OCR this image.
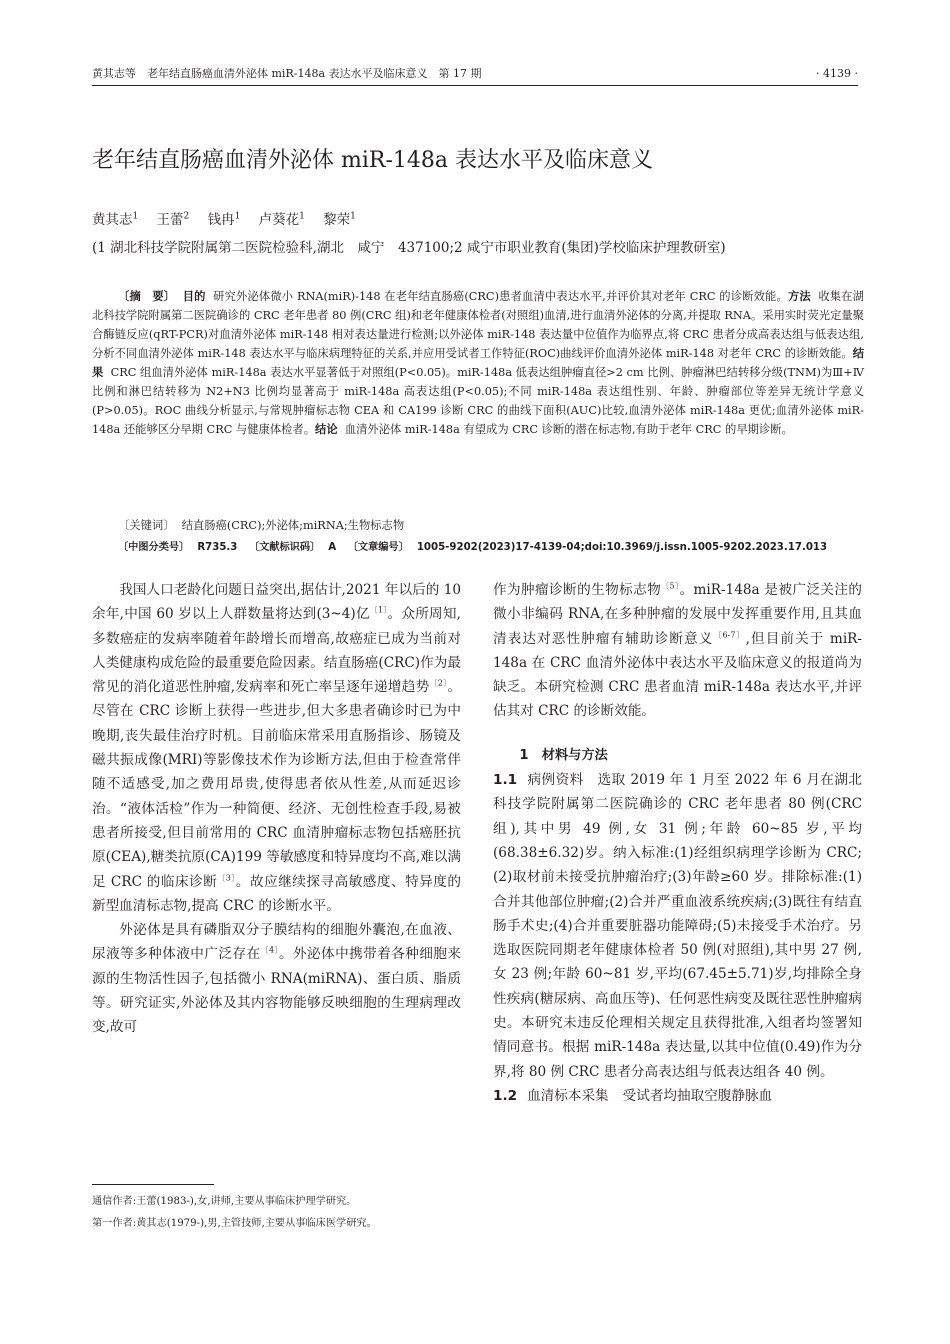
黄其志等　老年结直肠癌血清外泌体 miR-148a 表达水平及临床意义　第 17 期	· 4139 ·
老年结直肠癌血清外泌体 miR-148a 表达水平及临床意义
黄其志$^1$ 王蕾$^2$ 钱冉$^1$ 卢葵花$^1$ 黎荣$^1$
(1 湖北科技学院附属第二医院检验科,湖北　咸宁　437100;2 咸宁市职业教育(集团)学校临床护理教研室)
〔摘　要〕 目的 研究外泌体微小 RNA(miR)-148 在老年结直肠癌(CRC)患者血清中表达水平,并评价其对老年 CRC 的诊断效能。方法 收集在湖北科技学院附属第二医院确诊的 CRC 老年患者 80 例(CRC 组)和老年健康体检者(对照组)血清,进行血清外泌体的分离,并提取 RNA。采用实时荧光定量聚合酶链反应(qRT-PCR)对血清外泌体 miR-148 相对表达量进行检测;以外泌体 miR-148 表达量中位值作为临界点,将 CRC 患者分成高表达组与低表达组,分析不同血清外泌体 miR-148 表达水平与临床病理特征的关系,并应用受试者工作特征(ROC)曲线评价血清外泌体 miR-148 对老年 CRC 的诊断效能。结果 CRC 组血清外泌体 miR-148a 表达水平显著低于对照组(P<0.05)。miR-148a 低表达组肿瘤直径>2 cm 比例、肿瘤淋巴结转移分级(TNM)为Ⅲ+Ⅳ比例和淋巴结转移为 N2+N3 比例均显著高于 miR-148a 高表达组(P<0.05);不同 miR-148a 表达组性别、年龄、肿瘤部位等差异无统计学意义(P>0.05)。ROC 曲线分析显示,与常规肿瘤标志物 CEA 和 CA199 诊断 CRC 的曲线下面积(AUC)比较,血清外泌体 miR-148a 更优;血清外泌体 miR-148a 还能够区分早期 CRC 与健康体检者。结论 血清外泌体 miR-148a 有望成为 CRC 诊断的潜在标志物,有助于老年 CRC 的早期诊断。
〔关键词〕 结直肠癌(CRC);外泌体;miRNA;生物标志物
〔中图分类号〕 R735.3 〔文献标识码〕 A 〔文章编号〕 1005-9202(2023)17-4139-04;doi:10.3969/j.issn.1005-9202.2023.17.013

我国人口老龄化问题日益突出,据估计,2021 年以后的 10 余年,中国 60 岁以上人群数量将达到(3~4)亿$^{〔1〕}$。众所周知,多数癌症的发病率随着年龄增长而增高,故癌症已成为当前对人类健康构成危险的最重要危险因素。结直肠癌(CRC)作为最常见的消化道恶性肿瘤,发病率和死亡率呈逐年递增趋势$^{〔2〕}$。尽管在 CRC 诊断上获得一些进步,但大多患者确诊时已为中晚期,丧失最佳治疗时机。目前临床常采用直肠指诊、肠镜及磁共振成像(MRI)等影像技术作为诊断方法,但由于检查常伴随不适感受,加之费用昂贵,使得患者依从性差,从而延迟诊治。“液体活检”作为一种简便、经济、无创性检查手段,易被患者所接受,但目前常用的 CRC 血清肿瘤标志物包括癌胚抗原(CEA),糖类抗原(CA)199 等敏感度和特异度均不高,难以满足 CRC 的临床诊断$^{〔3〕}$。故应继续探寻高敏感度、特异度的新型血清标志物,提高 CRC 的诊断水平。

外泌体是具有磷脂双分子膜结构的细胞外囊泡,在血液、尿液等多种体液中广泛存在$^{〔4〕}$。外泌体中携带着各种细胞来源的生物活性因子,包括微小 RNA(miRNA)、蛋白质、脂质等。研究证实,外泌体及其内容物能够反映细胞的生理病理改变,故可

作为肿瘤诊断的生物标志物$^{〔5〕}$。miR-148a 是被广泛关注的微小非编码 RNA,在多种肿瘤的发展中发挥重要作用,且其血清表达对恶性肿瘤有辅助诊断意义$^{〔6-7〕}$,但目前关于 miR-148a 在 CRC 血清外泌体中表达水平及临床意义的报道尚为缺乏。本研究检测 CRC 患者血清 miR-148a 表达水平,并评估其对 CRC 的诊断效能。

1　材料与方法

1.1 病例资料 选取 2019 年 1 月至 2022 年 6 月在湖北科技学院附属第二医院确诊的 CRC 老年患者 80 例(CRC 组),其中男 49 例,女 31 例;年龄 60~85 岁,平均(68.38±6.32)岁。纳入标准:(1)经组织病理学诊断为 CRC;(2)取材前未接受抗肿瘤治疗;(3)年龄≥60 岁。排除标准:(1)合并其他部位肿瘤;(2)合并严重血液系统疾病;(3)既往有结直肠手术史;(4)合并重要脏器功能障碍;(5)未接受手术治疗。另选取医院同期老年健康体检者 50 例(对照组),其中男 27 例,女 23 例;年龄 60~81 岁,平均(67.45±5.71)岁,均排除全身性疾病(糖尿病、高血压等)、任何恶性病变及既往恶性肿瘤病史。本研究未违反伦理相关规定且获得批准,入组者均签署知情同意书。根据 miR-148a 表达量,以其中位值(0.49)作为分界,将 80 例 CRC 患者分高表达组与低表达组各 40 例。

1.2 血清标本采集 受试者均抽取空腹静脉血

通信作者:王蕾(1983-),女,讲师,主要从事临床护理学研究。
第一作者:黄其志(1979-),男,主管技师,主要从事临床医学研究。
